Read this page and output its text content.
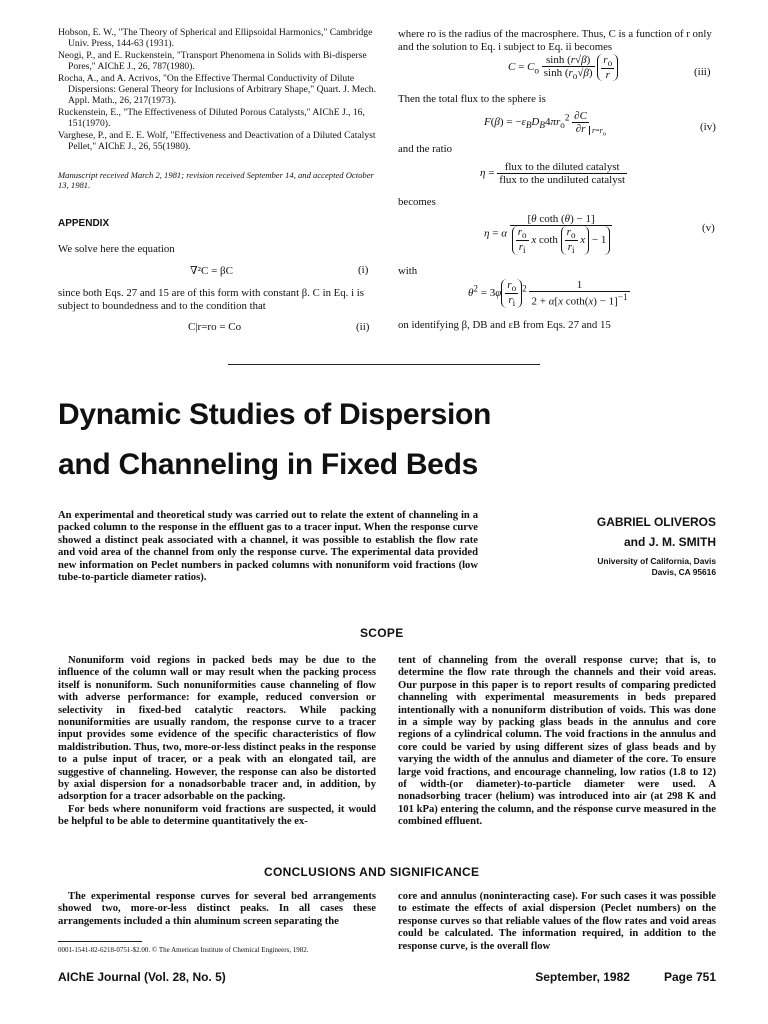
Hobson, E. W., "The Theory of Spherical and Ellipsoidal Harmonics," Cambridge Univ. Press, 144-63 (1931).

Neogi, P., and E. Ruckenstein, "Transport Phenomena in Solids with Bi-disperse Pores," AIChE J., 26, 787(1980).

Rocha, A., and A. Acrivos, "On the Effective Thermal Conductivity of Dilute Dispersions: General Theory for Inclusions of Arbitrary Shape," Quart. J. Mech. Appl. Math., 26, 217(1973).

Ruckenstein, E., "The Effectiveness of Diluted Porous Catalysts," AIChE J., 16, 151(1970).

Varghese, P., and E. E. Wolf, "Effectiveness and Deactivation of a Diluted Catalyst Pellet," AIChE J., 26, 55(1980).

Manuscript received March 2, 1981; revision received September 14, and accepted October 13, 1981.
APPENDIX
We solve here the equation
∇²C = βC	(i)
since both Eqs. 27 and 15 are of this form with constant β. C in Eq. i is subject to boundedness and to the condition that
C|r=ro = Co	(ii)
where ro is the radius of the macrosphere. Thus, C is a function of r only and the solution to Eq. i subject to Eq. ii becomes
$C = C_o \frac{\sinh (r√\beta)}{\sinh (r_o√\beta)}$
$\frac{r_o}{r}$	(iii)
Then the total flux to the sphere is
$F(\beta) = -\varepsilon_BD_B4\pi r_o^2 \frac{\partial C}{\partial r} _{r=r_o}$
(iv)
and the ratio
$\eta = \frac{\text{flux to the diluted catalyst}}{\text{flux to the undiluted catalyst}}$
becomes
η = α $\frac{\text{[θ coth (θ) − 1]}}{\frac{r_o}{r_i} x \cot h \frac{r_o}{r_i} x - 1}$	(v)
with
$\theta^2 = 3\varphi \frac{r_o}{r_i} ^2 \frac{1}{2 + \alpha[x \cot h(x) - 1]^{-1}}$
on identifying β, DB and εB from Eqs. 27 and 15
Dynamic Studies of Dispersion
and Channeling in Fixed Beds
An experimental and theoretical study was carried out to relate the extent of channeling in a packed column to the response in the effluent gas to a tracer input. When the response curve showed a distinct peak associated with a channel, it was possible to establish the flow rate and void area of the channel from only the response curve. The experimental data provided new information on Peclet numbers in packed columns with nonuniform void fractions (low tube-to-particle diameter ratios).
GABRIEL OLIVEROS
and J. M. SMITH
University of California, Davis
Davis, CA 95616
SCOPE

Nonuniform void regions in packed beds may be due to the influence of the column wall or may result when the packing process itself is nonuniform. Such nonuniformities cause channeling of flow with adverse performance: for example, reduced conversion or selectivity in fixed-bed catalytic reactors. While packing nonuniformities are usually random, the response curve to a tracer input provides some evidence of the specific characteristics of flow maldistribution. Thus, two, more-or-less distinct peaks in the response to a pulse input of tracer, or a peak with an elongated tail, are suggestive of channeling. However, the response can also be distorted by axial dispersion for a nonadsorbable tracer and, in addition, by adsorption for a tracer adsorbable on the packing.

For beds where nonuniform void fractions are suspected, it would be helpful to be able to determine quantitatively the ex-

tent of channeling from the overall response curve; that is, to determine the flow rate through the channels and their void areas. Our purpose in this paper is to report results of comparing predicted channeling with experimental measurements in beds prepared intentionally with a nonuniform distribution of voids. This was done in a simple way by packing glass beads in the annulus and core regions of a cylindrical column. The void fractions in the annulus and core could be varied by using different sizes of glass beads and by varying the width of the annulus and diameter of the core. To ensure large void fractions, and encourage channeling, low ratios (1.8 to 12) of width-(or diameter)-to-particle diameter were used. A nonadsorbing tracer (helium) was introduced into air (at 298 K and 101 kPa) entering the column, and the résponse curve measured in the combined effluent.

CONCLUSIONS AND SIGNIFICANCE

The experimental response curves for several bed arrangements showed two, more-or-less distinct peaks. In all cases these arrangements included a thin aluminum screen separating the

core and annulus (noninteracting case). For such cases it was possible to estimate the effects of axial dispersion (Peclet numbers) on the response curves so that reliable values of the flow rates and void areas could be calculated. The information required, in addition to the response curve, is the overall flow

0001-1541-82-6218-0751-$2.00. © The American Institute of Chemical Engineers, 1982.
AIChE Journal (Vol. 28, No. 5)	September, 1982	Page 751
